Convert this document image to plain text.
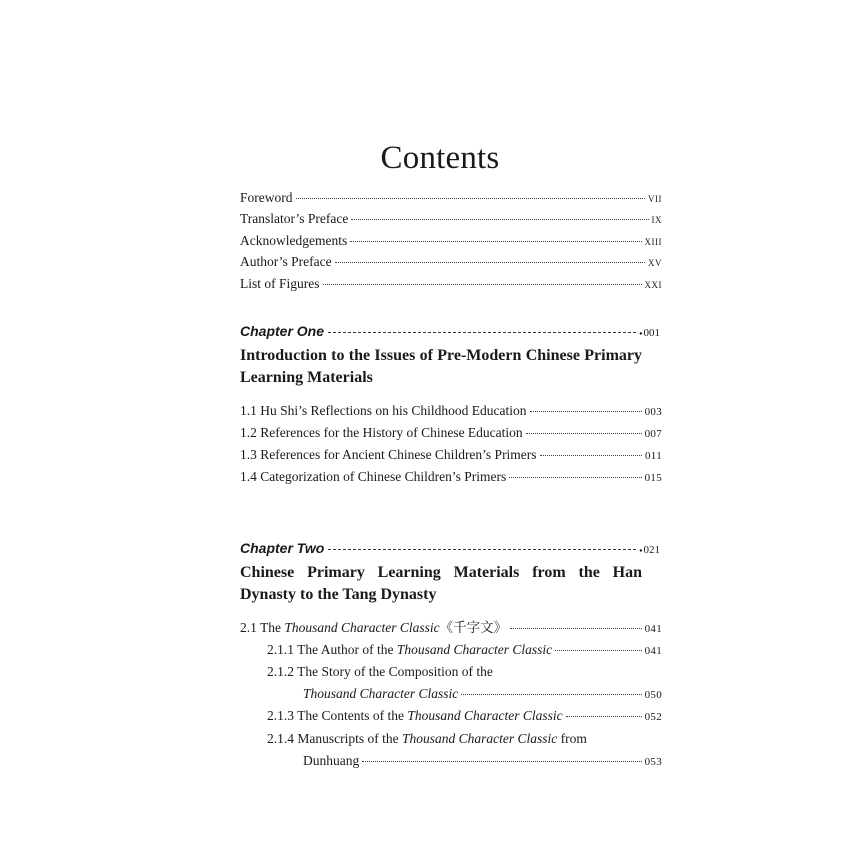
Contents
Foreword	VII
Translator’s Preface	IX
Acknowledgements	XIII
Author’s Preface	XV
List of Figures	XXI
Chapter One	⬩ 001
Introduction to the Issues of Pre-Modern Chinese Primary Learning Materials
1.1 Hu Shi’s Reflections on his Childhood Education	003
1.2 References for the History of Chinese Education	007
1.3 References for Ancient Chinese Children’s Primers	011
1.4 Categorization of Chinese Children’s Primers	015
Chapter Two	⬩ 021
Chinese Primary Learning Materials from the Han Dynasty to the Tang Dynasty
2.1 The Thousand Character Classic《千字文》	041
2.1.1 The Author of the Thousand Character Classic	041
2.1.2 The Story of the Composition of the
Thousand Character Classic	050
2.1.3 The Contents of the Thousand Character Classic	052
2.1.4 Manuscripts of the Thousand Character Classic from
Dunhuang	053
